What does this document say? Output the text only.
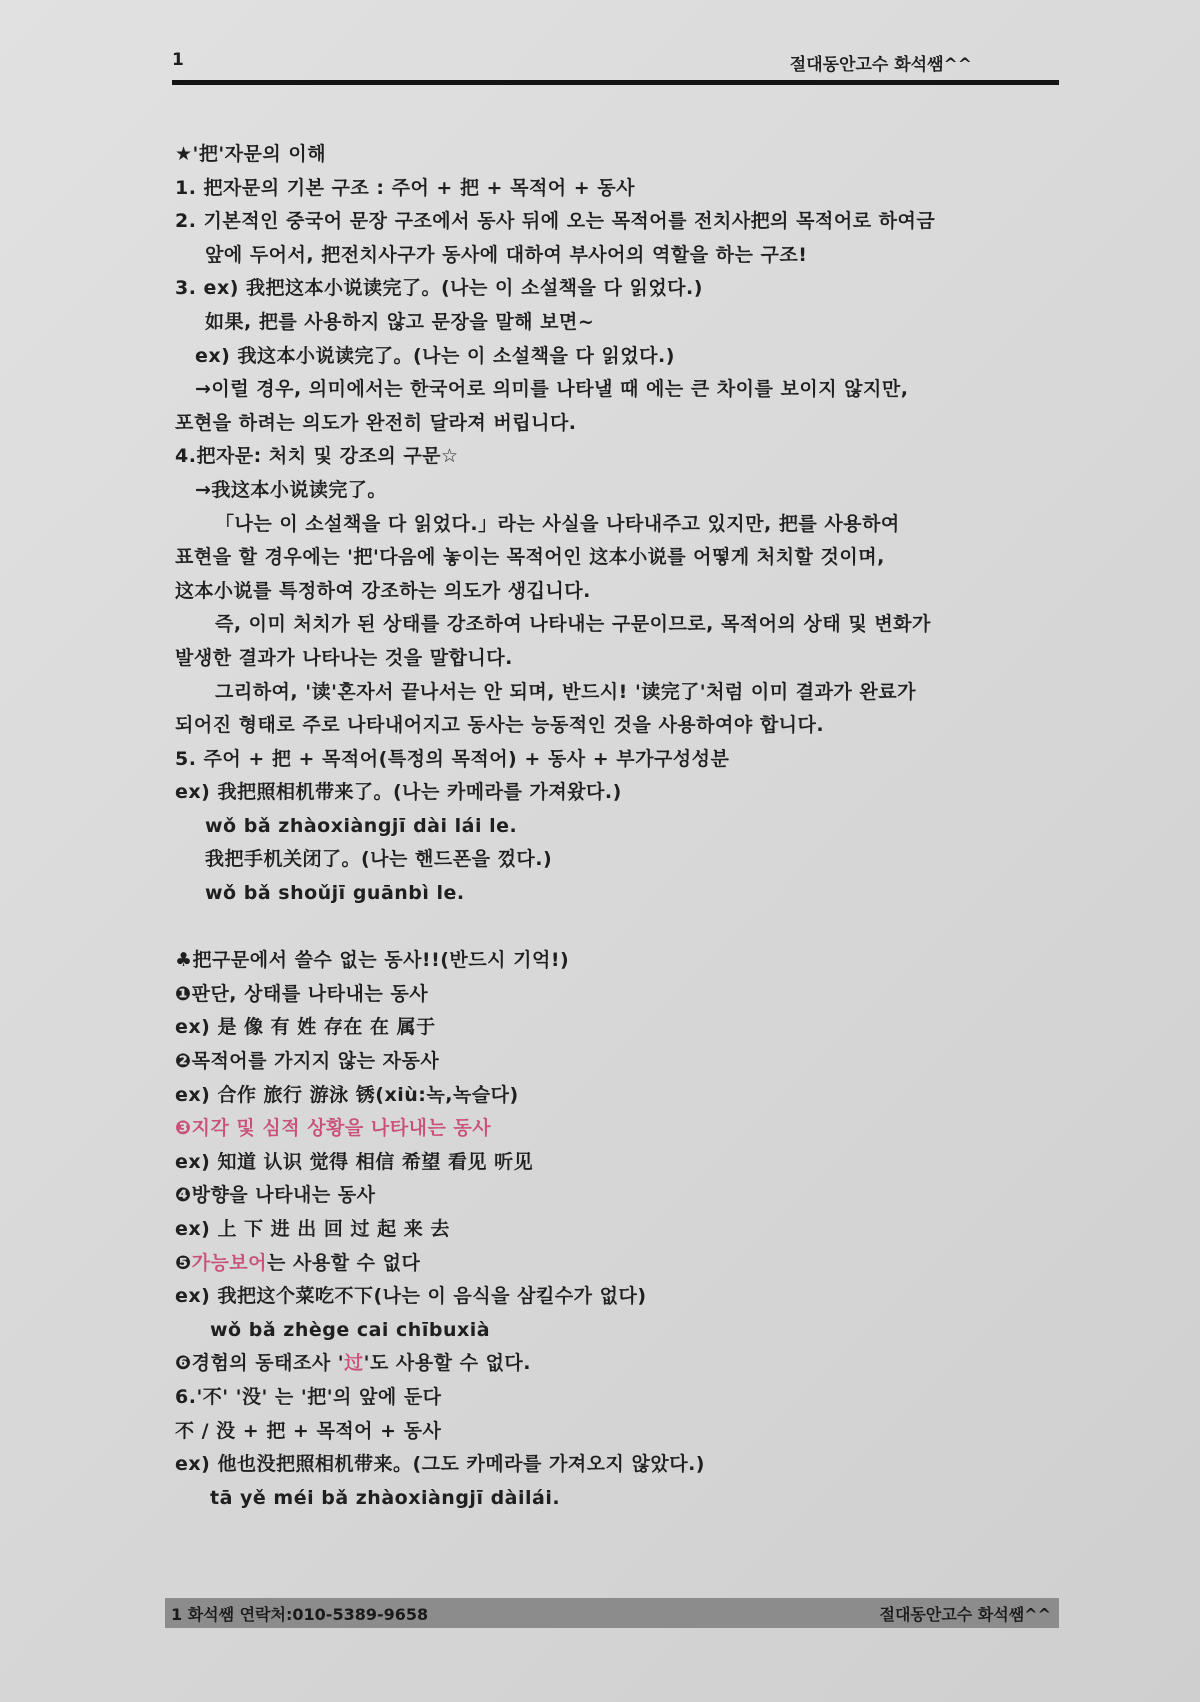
1	절대동안고수 화석쌤^^
★'把'자문의 이해
1. 把자문의 기본 구조 : 주어 + 把 + 목적어 + 동사
2. 기본적인 중국어 문장 구조에서 동사 뒤에 오는 목적어를 전치사把의 목적어로 하여금
앞에 두어서, 把전치사구가 동사에 대하여 부사어의 역할을 하는 구조!
3. ex) 我把这本小说读完了。(나는 이 소설책을 다 읽었다.)
如果, 把를 사용하지 않고 문장을 말해 보면~
ex) 我这本小说读完了。(나는 이 소설책을 다 읽었다.)
→이럴 경우, 의미에서는 한국어로 의미를 나타낼 때 에는 큰 차이를 보이지 않지만,
포현을 하려는 의도가 완전히 달라져 버립니다.
4.把자문: 처치 및 강조의 구문☆
→我这本小说读完了。
「나는 이 소설책을 다 읽었다.」라는 사실을 나타내주고 있지만, 把를 사용하여
표현을 할 경우에는 '把'다음에 놓이는 목적어인 这本小说를 어떻게 처치할 것이며,
这本小说를 특정하여 강조하는 의도가 생깁니다.
즉, 이미 처치가 된 상태를 강조하여 나타내는 구문이므로, 목적어의 상태 및 변화가
발생한 결과가 나타나는 것을 말합니다.
그리하여, '读'혼자서 끝나서는 안 되며, 반드시! '读完了'처럼 이미 결과가 완료가
되어진 형태로 주로 나타내어지고 동사는 능동적인 것을 사용하여야 합니다.
5. 주어 + 把 + 목적어(특정의 목적어) + 동사 + 부가구성성분
ex) 我把照相机带来了。(나는 카메라를 가져왔다.)
wǒ bǎ zhàoxiàngjī dài lái le.
我把手机关闭了。(나는 핸드폰을 껐다.)
wǒ bǎ shoǔjī guānbì le.
♣把구문에서 쓸수 없는 동사!!(반드시 기억!)
❶판단, 상태를 나타내는 동사
ex) 是 像 有 姓 存在 在 属于
❷목적어를 가지지 않는 자동사
ex) 合作 旅行 游泳 锈(xiù:녹,녹슬다)
❸지각 및 심적 상황을 나타내는 동사
ex) 知道 认识 觉得 相信 希望 看见 听见
❹방향을 나타내는 동사
ex) 上 下 进 出 回 过 起 来 去
❺가능보어는 사용할 수 없다
ex) 我把这个菜吃不下(나는 이 음식을 삼킬수가 없다)
wǒ bǎ zhège cai chībuxià
❻경험의 동태조사 '过'도 사용할 수 없다.
6.'不' '没' 는 '把'의 앞에 둔다
不 / 没 + 把 + 목적어 + 동사
ex) 他也没把照相机带来。(그도 카메라를 가져오지 않았다.)
tā yě méi bǎ zhàoxiàngjī dàilái.
1 화석쌤 연락처:010-5389-9658	절대동안고수 화석쌤^^
